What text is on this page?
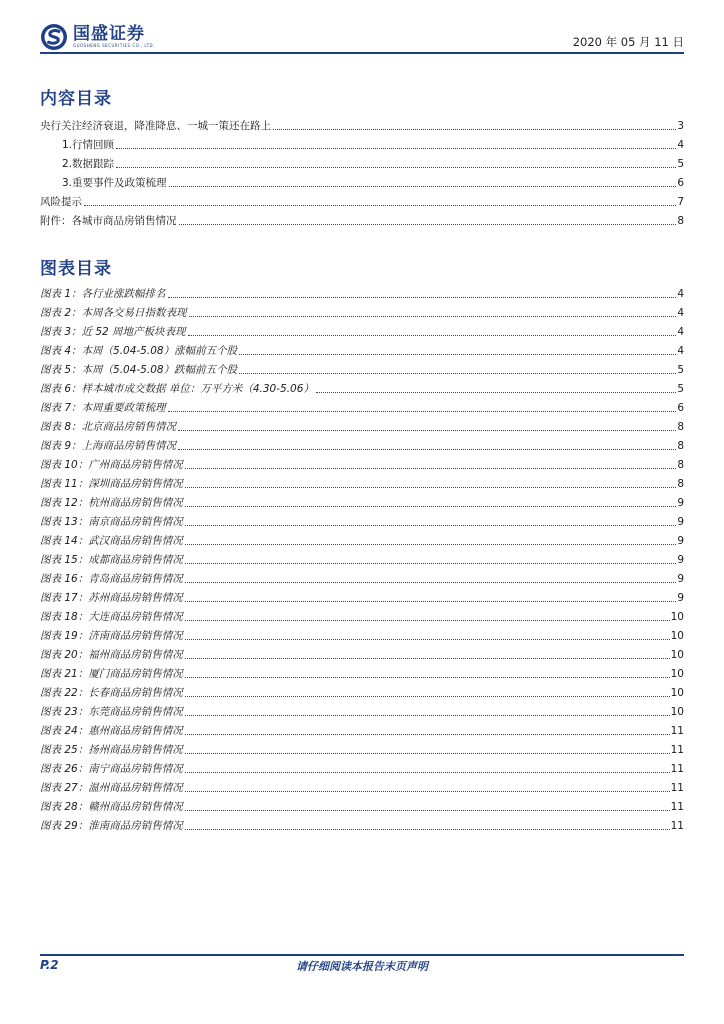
国盛证券
GUOSHENG SECURITIES CO., LTD.	2020 年 05 月 11 日
内容目录
央行关注经济衰退，降准降息、一城一策还在路上	3
1.行情回顾	4
2.数据跟踪	5
3.重要事件及政策梳理	6
风险提示	7
附件：各城市商品房销售情况	8
图表目录
图表 1：各行业涨跌幅排名	4
图表 2：本周各交易日指数表现	4
图表 3：近 52 周地产板块表现	4
图表 4：本周（5.04-5.08）涨幅前五个股	4
图表 5：本周（5.04-5.08）跌幅前五个股	5
图表 6：样本城市成交数据 单位：万平方米（4.30-5.06）	5
图表 7：本周重要政策梳理	6
图表 8：北京商品房销售情况	8
图表 9：上海商品房销售情况	8
图表 10：广州商品房销售情况	8
图表 11：深圳商品房销售情况	8
图表 12：杭州商品房销售情况	9
图表 13：南京商品房销售情况	9
图表 14：武汉商品房销售情况	9
图表 15：成都商品房销售情况	9
图表 16：青岛商品房销售情况	9
图表 17：苏州商品房销售情况	9
图表 18：大连商品房销售情况	10
图表 19：济南商品房销售情况	10
图表 20：福州商品房销售情况	10
图表 21：厦门商品房销售情况	10
图表 22：长春商品房销售情况	10
图表 23：东莞商品房销售情况	10
图表 24：惠州商品房销售情况	11
图表 25：扬州商品房销售情况	11
图表 26：南宁商品房销售情况	11
图表 27：温州商品房销售情况	11
图表 28：赣州商品房销售情况	11
图表 29：淮南商品房销售情况	11
P.2	请仔细阅读本报告末页声明
